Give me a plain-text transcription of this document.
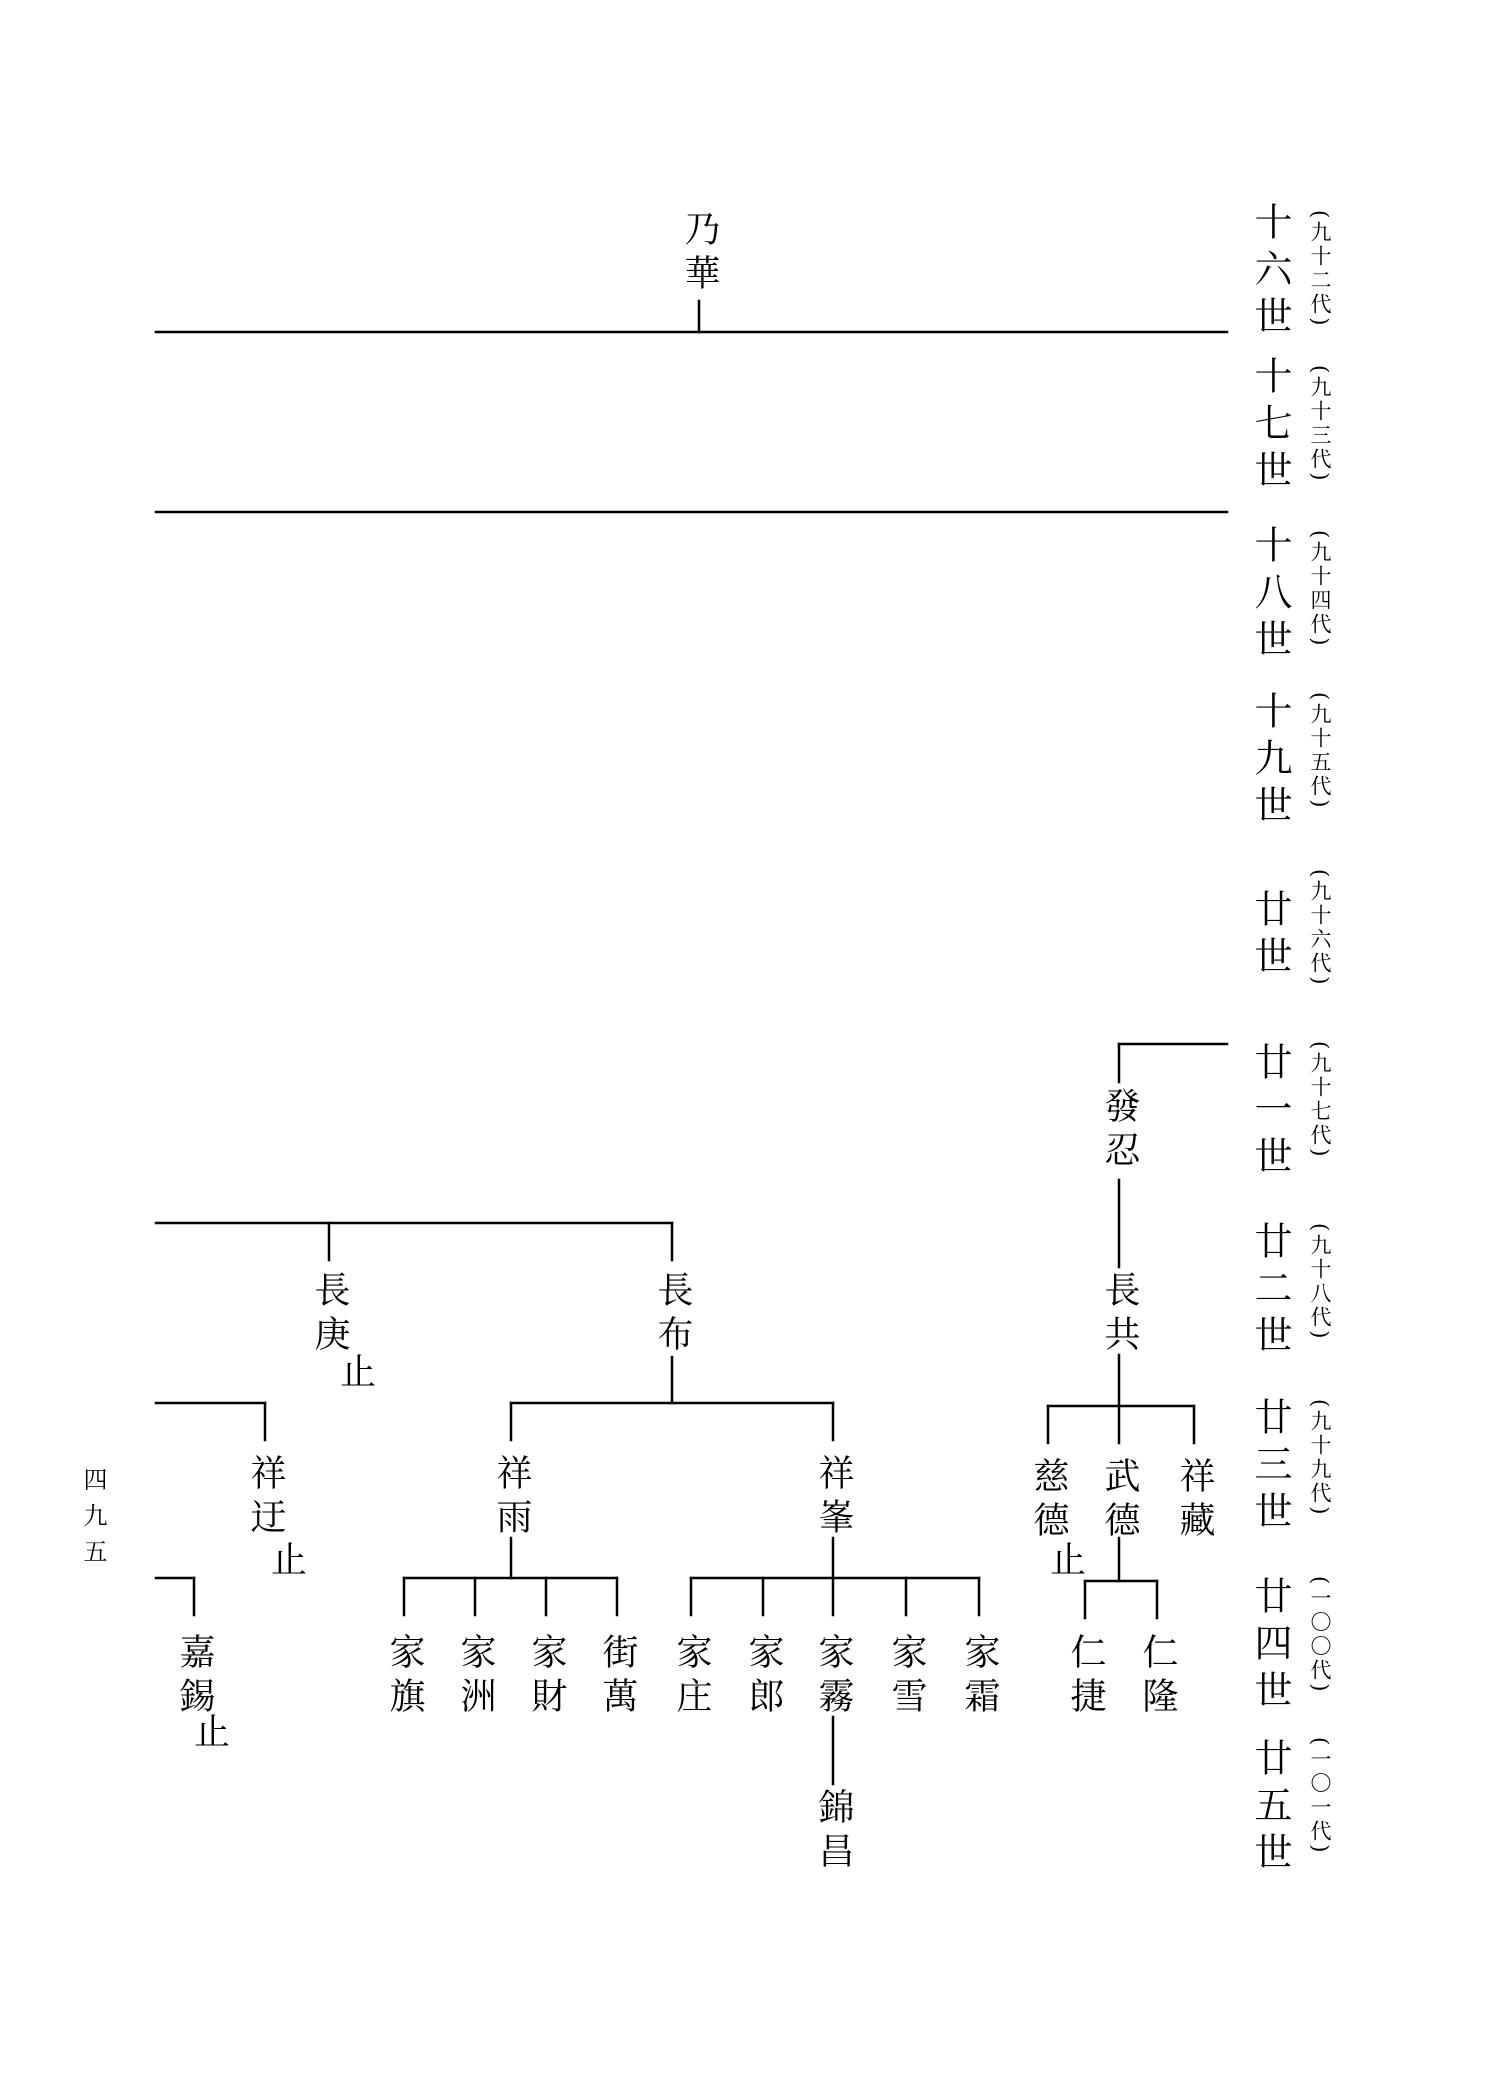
十六世 (九十二代)
十七世 (九十三代)
十八世 (九十四代)
十九世 (九十五代)
廿世 (九十六代)
廿一世 (九十七代)
廿二世 (九十八代)
廿三世 (九十九代)
廿四世 (一〇〇代)
廿五世 (一〇一代)
四九五
乃華
發忍
長共
祥藏
武德
仁隆
仁捷
慈德
止
長布
祥峯
家霜
家雪
家霧
錦昌
家郎
家庄
祥雨
街萬
家財
家洲
家旗
長庚
止
祥迂
止
嘉錫
止
